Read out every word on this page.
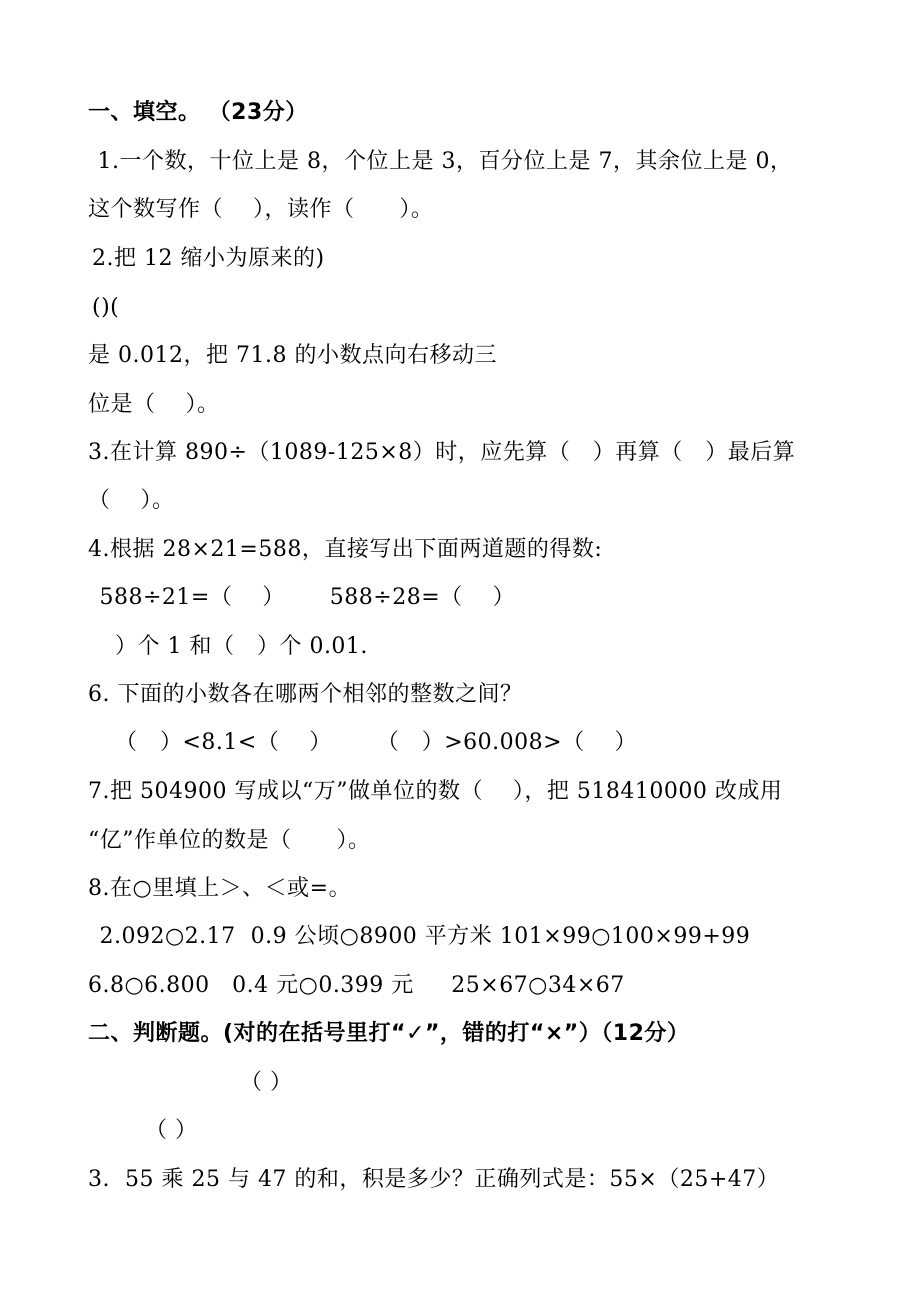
一、填空。 （23分）
1.一个数，十位上是 8，个位上是 3，百分位上是 7，其余位上是 0，
这个数写作（    ），读作（      ）。
2.把 12 缩小为原来的)
()(
是 0.012，把 71.8 的小数点向右移动三
位是（    ）。
3.在计算 890÷（1089-125×8）时，应先算（   ）再算（   ）最后算
（    ）。
4.根据 28×21=588，直接写出下面两道题的得数:
588÷21=（    ）      588÷28=（    ）
）个 1 和（   ）个 0.01.
6. 下面的小数各在哪两个相邻的整数之间？
（   ）<8.1<（    ）      （   ）>60.008>（    ）
7.把 504900 写成以“万”做单位的数（    ），把 518410000 改成用
“亿”作单位的数是（      ）。
8.在○里填上＞、＜或=。
2.092○2.17  0.9 公顷○8900 平方米 101×99○100×99+99
6.8○6.800   0.4 元○0.399 元     25×67○34×67
二、判断题。(对的在括号里打“✓”，错的打“×”）（12分）
（ ）
（ ）
3.  55 乘 25 与 47 的和，积是多少？正确列式是：55×（25+47）
